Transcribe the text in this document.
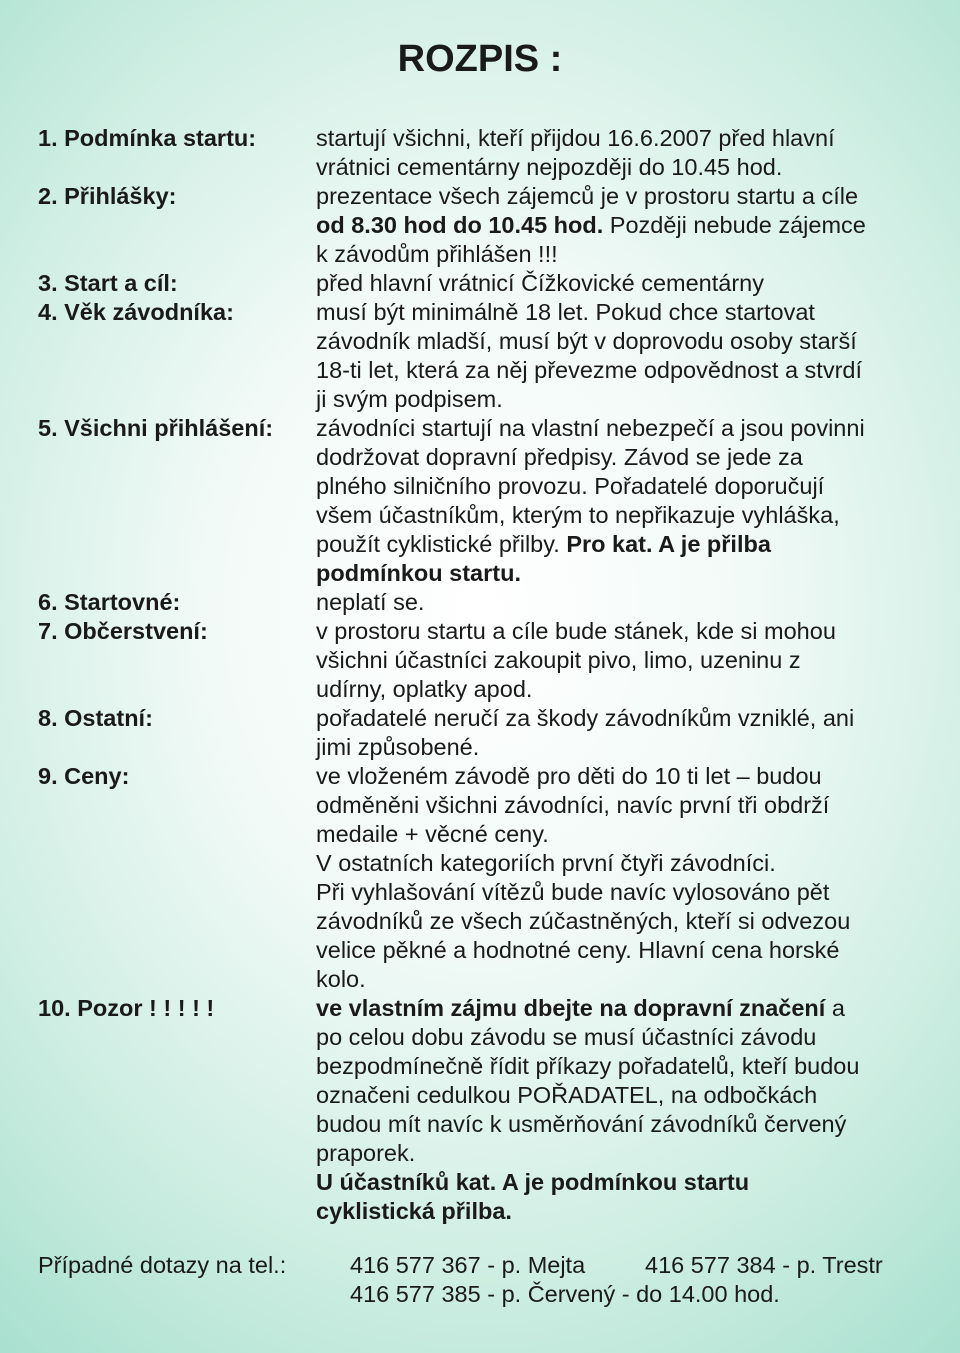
ROZPIS :
1. Podmínka startu:	startují všichni, kteří přijdou 16.6.2007 před hlavní
vrátnici cementárny nejpozději do 10.45 hod.
2. Přihlášky:	prezentace všech zájemců je v prostoru startu a cíle
od 8.30 hod do 10.45 hod. Později nebude zájemce
k závodům přihlášen !!!
3. Start a cíl:	před hlavní vrátnicí Čížkovické cementárny
4. Věk závodníka:	musí být minimálně 18 let. Pokud chce startovat
závodník mladší, musí být v doprovodu osoby starší
18-ti let, která za něj převezme odpovědnost a stvrdí
ji svým podpisem.
5. Všichni přihlášení:	závodníci startují na vlastní nebezpečí a jsou povinni
dodržovat dopravní předpisy. Závod se jede za
plného silničního provozu. Pořadatelé doporučují
všem účastníkům, kterým to nepřikazuje vyhláška,
použít cyklistické přilby. Pro kat. A je přilba
podmínkou startu.
6. Startovné:	neplatí se.
7. Občerstvení:	v prostoru startu a cíle bude stánek, kde si mohou
všichni účastníci zakoupit pivo, limo, uzeninu z
udírny, oplatky apod.
8. Ostatní:	pořadatelé neručí za škody závodníkům vzniklé, ani
jimi způsobené.
9. Ceny:	ve vloženém závodě pro děti do 10 ti let – budou
odměněni všichni závodníci, navíc první tři obdrží
medaile + věcné ceny.
V ostatních kategoriích první čtyři závodníci.
Při vyhlašování vítězů bude navíc vylosováno pět
závodníků ze všech zúčastněných, kteří si odvezou
velice pěkné a hodnotné ceny. Hlavní cena horské
kolo.
10. Pozor ! ! ! ! !	ve vlastním zájmu dbejte na dopravní značení a
po celou dobu závodu se musí účastníci závodu
bezpodmínečně řídit příkazy pořadatelů, kteří budou
označeni cedulkou POŘADATEL, na odbočkách
budou mít navíc k usměrňování závodníků červený
praporek.
U účastníků kat. A je podmínkou startu
cyklistická přilba.
Případné dotazy na tel.:	416 577 367 - p. Mejta	416 577 384 - p. Trestr
416 577 385 - p. Červený - do 14.00 hod.
